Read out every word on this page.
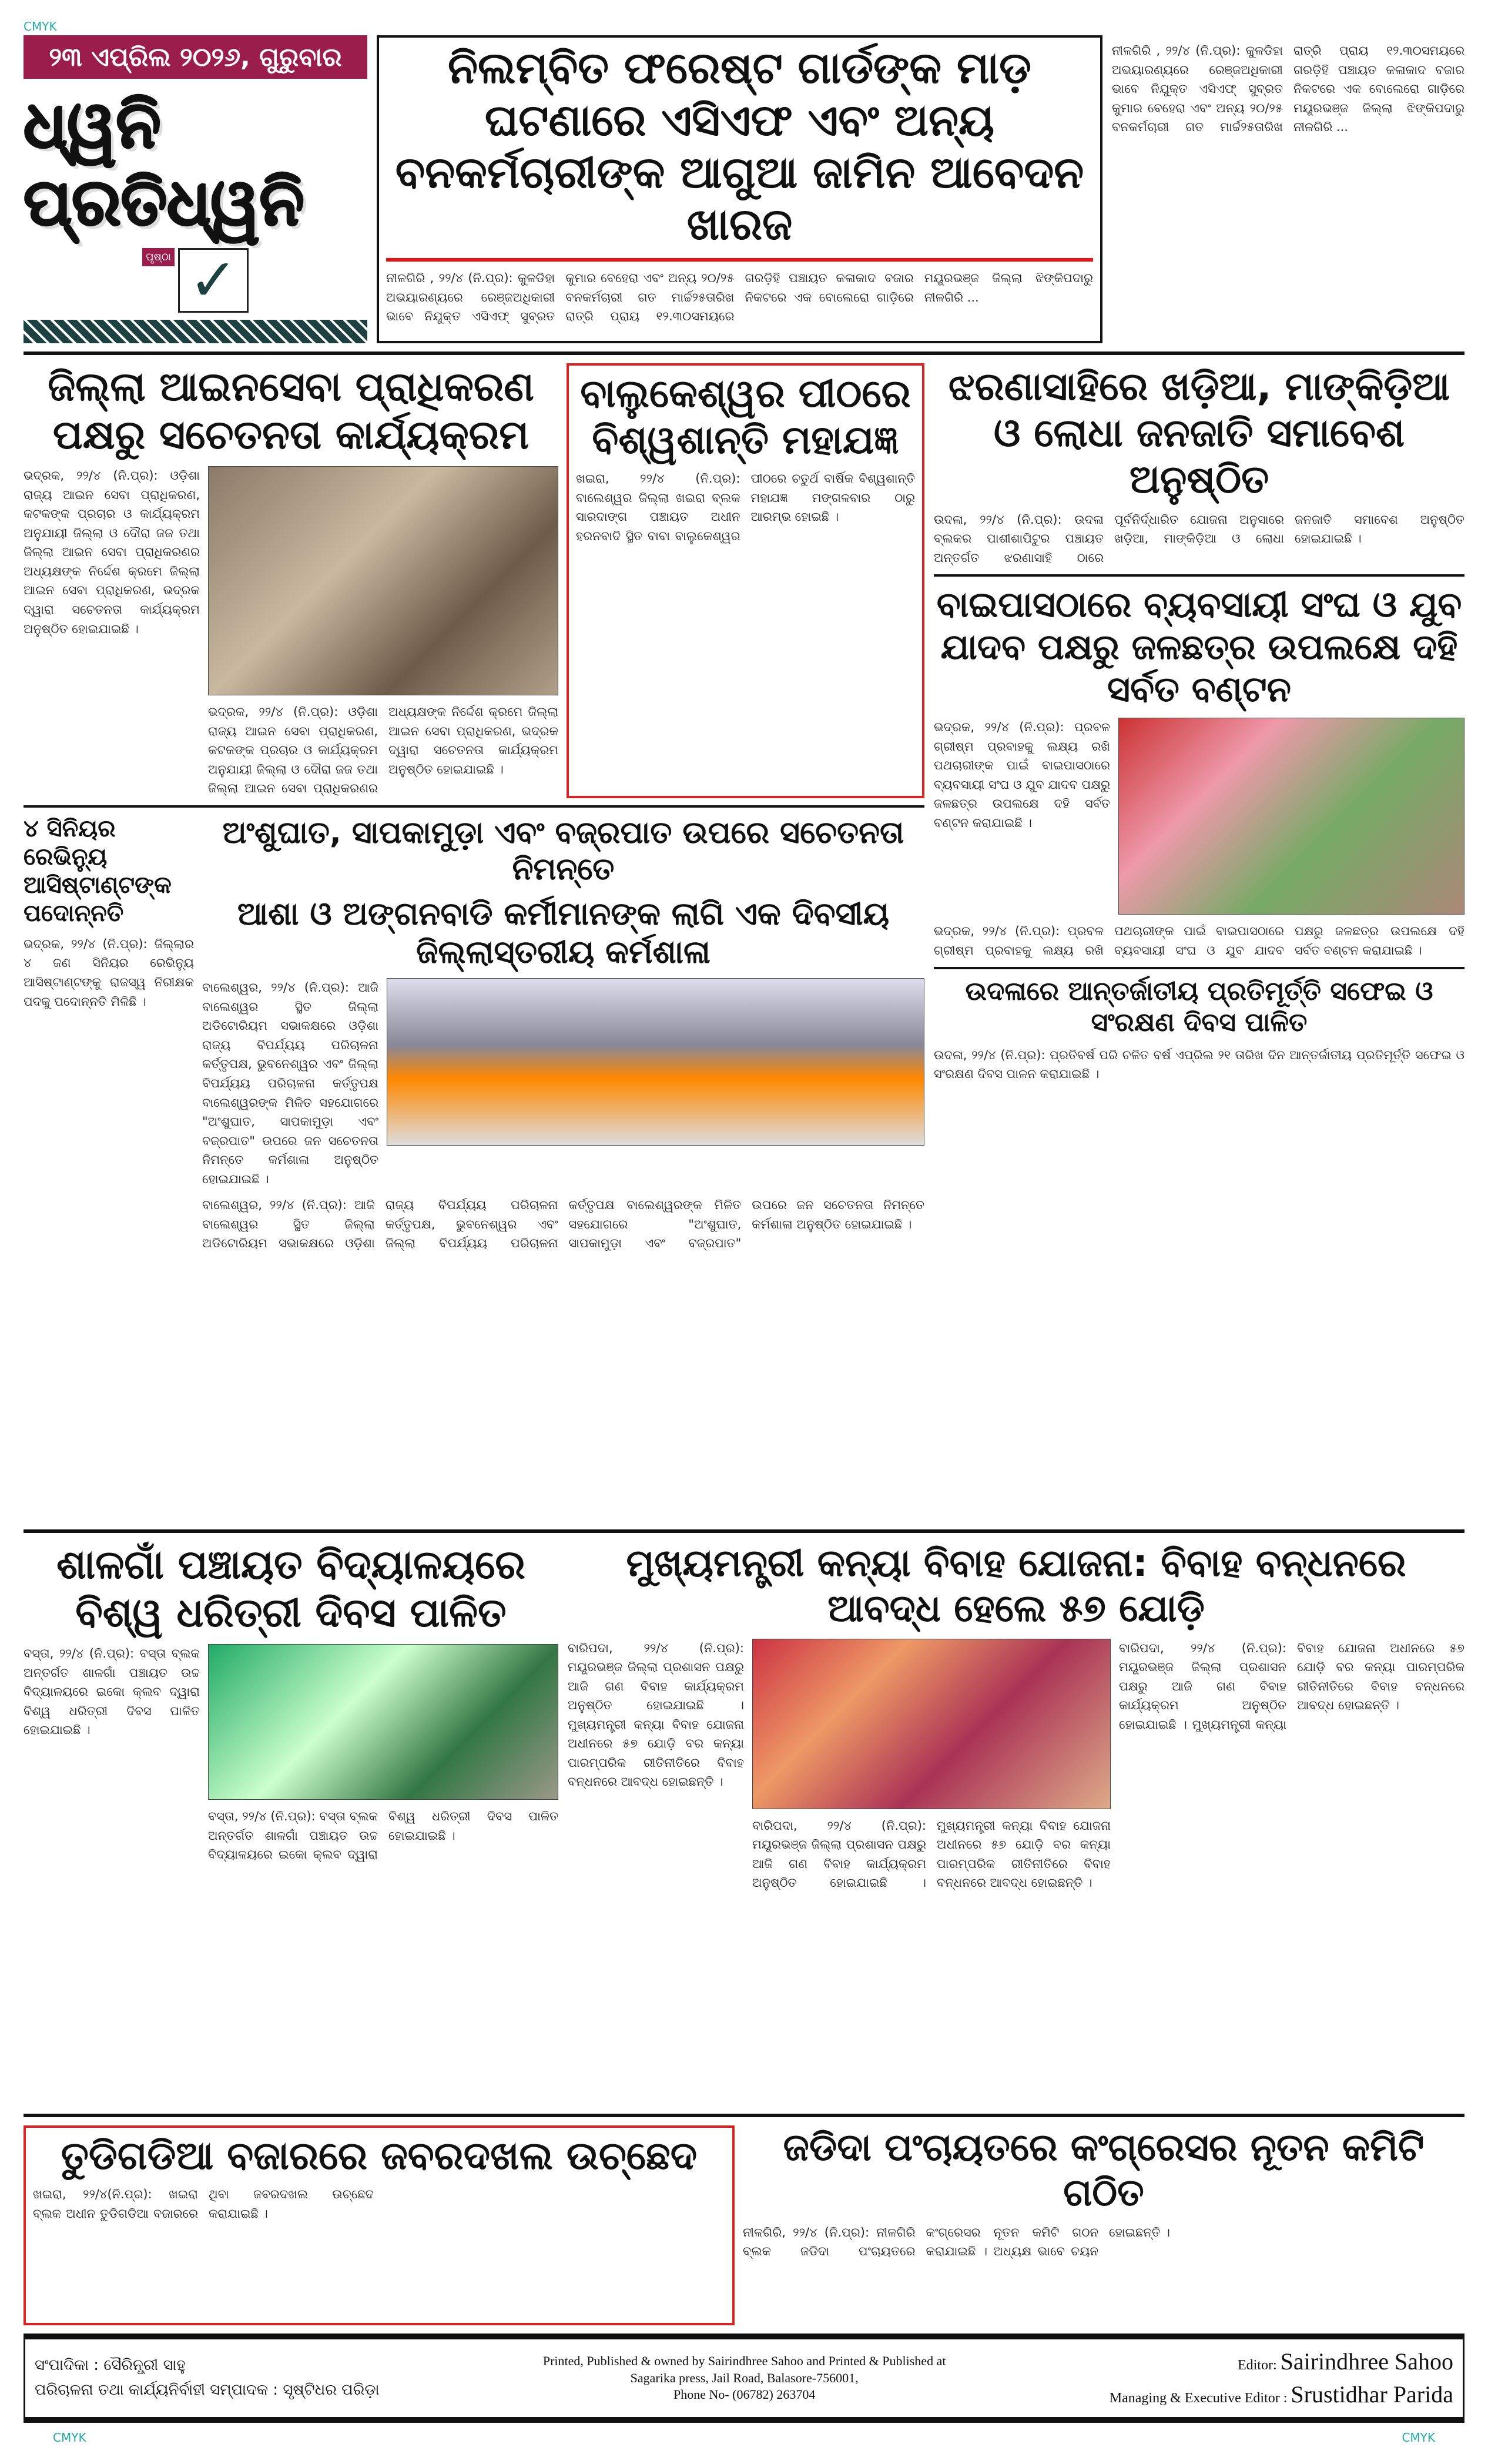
CMYK
୨୩ ଏପ୍ରିଲ ୨୦୨୬, ଗୁରୁବାର
ଧ୍ୱନି ପ୍ରତିଧ୍ୱନି
ପୃଷ୍ଠା ✓
ନିଲମ୍ବିତ ଫରେଷ୍ଟ ଗାର୍ଡଙ୍କ ମାଡ଼ ଘଟଣାରେ ଏସିଏଫ ଏବଂ ଅନ୍ୟ ବନକର୍ମଚାରୀଙ୍କ ଆଗୁଆ ଜାମିନ ଆବେଦନ ଖାରଜ
ନୀଳଗିରି , ୨୨/୪ (ନି.ପ୍ର): କୁଳଡିହା ଅଭୟାରଣ୍ୟରେ ରେଞ୍ଜଅଧିକାରୀ ଭାବେ ନିଯୁକ୍ତ ଏସିଏଫ୍ ସୁବ୍ରତ କୁମାର ବେହେରା ଏବଂ ଅନ୍ୟ ୨୦/୨୫ ବନକର୍ମଚାରୀ ଗତ ମାର୍ଚ୍ଚ୨୫ତାରିଖ ରାତ୍ରି ପ୍ରାୟ ୧୨.୩୦ସମୟରେ ଗରଡ଼ିହି ପଞ୍ଚାୟତ କଳାକାଦ ବଜାର ନିକଟରେ ଏକ ବୋଲେରୋ ଗାଡ଼ିରେ ମୟୂରଭଞ୍ଜ ଜିଲ୍ଲା ଝିଙ୍କିପଦାରୁ ନୀଳଗିରି ...
ନୀଳଗିରି , ୨୨/୪ (ନି.ପ୍ର): କୁଳଡିହା ଅଭୟାରଣ୍ୟରେ ରେଞ୍ଜଅଧିକାରୀ ଭାବେ ନିଯୁକ୍ତ ଏସିଏଫ୍ ସୁବ୍ରତ କୁମାର ବେହେରା ଏବଂ ଅନ୍ୟ ୨୦/୨୫ ବନକର୍ମଚାରୀ ଗତ ମାର୍ଚ୍ଚ୨୫ତାରିଖ ରାତ୍ରି ପ୍ରାୟ ୧୨.୩୦ସମୟରେ ଗରଡ଼ିହି ପଞ୍ଚାୟତ କଳାକାଦ ବଜାର ନିକଟରେ ଏକ ବୋଲେରୋ ଗାଡ଼ିରେ ମୟୂରଭଞ୍ଜ ଜିଲ୍ଲା ଝିଙ୍କିପଦାରୁ ନୀଳଗିରି ...
ଜିଲ୍ଲା ଆଇନସେବା ପ୍ରାଧିକରଣ ପକ୍ଷରୁ ସଚେତନତା କାର୍ଯ୍ୟକ୍ରମ
ଭଦ୍ରକ, ୨୨/୪ (ନି.ପ୍ର): ଓଡ଼ିଶା ରାଜ୍ୟ ଆଇନ ସେବା ପ୍ରାଧିକରଣ, କଟକଙ୍କ ପ୍ରଚାର ଓ କାର୍ଯ୍ୟକ୍ରମ ଅନୁଯାୟୀ ଜିଲ୍ଲା ଓ ଦୌରା ଜଜ ତଥା ଜିଲ୍ଲା ଆଇନ ସେବା ପ୍ରାଧିକରଣର ଅଧ୍ୟକ୍ଷଙ୍କ ନିର୍ଦ୍ଦେଶ କ୍ରମେ ଜିଲ୍ଲା ଆଇନ ସେବା ପ୍ରାଧିକରଣ, ଭଦ୍ରକ ଦ୍ୱାରା ସଚେତନତା କାର୍ଯ୍ୟକ୍ରମ ଅନୁଷ୍ଠିତ ହୋଇଯାଇଛି ।
ଭଦ୍ରକ, ୨୨/୪ (ନି.ପ୍ର): ଓଡ଼ିଶା ରାଜ୍ୟ ଆଇନ ସେବା ପ୍ରାଧିକରଣ, କଟକଙ୍କ ପ୍ରଚାର ଓ କାର୍ଯ୍ୟକ୍ରମ ଅନୁଯାୟୀ ଜିଲ୍ଲା ଓ ଦୌରା ଜଜ ତଥା ଜିଲ୍ଲା ଆଇନ ସେବା ପ୍ରାଧିକରଣର ଅଧ୍ୟକ୍ଷଙ୍କ ନିର୍ଦ୍ଦେଶ କ୍ରମେ ଜିଲ୍ଲା ଆଇନ ସେବା ପ୍ରାଧିକରଣ, ଭଦ୍ରକ ଦ୍ୱାରା ସଚେତନତା କାର୍ଯ୍ୟକ୍ରମ ଅନୁଷ୍ଠିତ ହୋଇଯାଇଛି ।
ବାଲୁକେଶ୍ୱର ପୀଠରେ ବିଶ୍ୱଶାନ୍ତି ମହାଯଜ୍ଞ
ଖଇରା, ୨୨/୪ (ନି.ପ୍ର): ବାଲେଶ୍ୱର ଜିଲ୍ଲା ଖଇରା ବ୍ଲକ ସାରଦାଙ୍ଗ ପଞ୍ଚାୟତ ଅଧୀନ ହରନବାଦି ସ୍ଥିତ ବାବା ବାଲୁକେଶ୍ୱର ପୀଠରେ ଚତୁର୍ଥ ବାର୍ଷିକ ବିଶ୍ୱଶାନ୍ତି ମହାଯଜ୍ଞ ମଙ୍ଗଳବାର ଠାରୁ ଆରମ୍ଭ ହୋଇଛି ।
୪ ସିନିୟର ରେଭିନ୍ୟୁ ଆସିଷ୍ଟାଣ୍ଟଙ୍କ ପଦୋନ୍ନତି
ଭଦ୍ରକ, ୨୨/୪ (ନି.ପ୍ର): ଜିଲ୍ଲାର ୪ ଜଣ ସିନିୟର ରେଭିନ୍ୟୁ ଆସିଷ୍ଟାଣ୍ଟଙ୍କୁ ରାଜସ୍ୱ ନିରୀକ୍ଷକ ପଦକୁ ପଦୋନ୍ନତି ମିଳିଛି ।
ଅଂଶୁଘାତ, ସାପକାମୁଡ଼ା ଏବଂ ବଜ୍ରପାତ ଉପରେ ସଚେତନତା ନିମନ୍ତେ
ଆଶା ଓ ଅଙ୍ଗନବାଡି କର୍ମୀମାନଙ୍କ ଲାଗି ଏକ ଦିବସୀୟ ଜିଲ୍ଲାସ୍ତରୀୟ କର୍ମଶାଳା
ବାଲେଶ୍ୱର, ୨୨/୪ (ନି.ପ୍ର): ଆଜି ବାଲେଶ୍ୱର ସ୍ଥିତ ଜିଲ୍ଲା ଅଡିଟୋରିୟମ ସଭାକକ୍ଷରେ ଓଡ଼ିଶା ରାଜ୍ୟ ବିପର୍ଯ୍ୟୟ ପରିଚାଳନା କର୍ତ୍ତୃପକ୍ଷ, ଭୁବନେଶ୍ୱର ଏବଂ ଜିଲ୍ଲା ବିପର୍ଯ୍ୟୟ ପରିଚାଳନା କର୍ତ୍ତୃପକ୍ଷ ବାଲେଶ୍ୱରଙ୍କ ମିଳିତ ସହଯୋଗରେ "ଅଂଶୁଘାତ, ସାପକାମୁଡ଼ା ଏବଂ ବଜ୍ରପାତ" ଉପରେ ଜନ ସଚେତନତା ନିମନ୍ତେ କର୍ମଶାଳା ଅନୁଷ୍ଠିତ ହୋଇଯାଇଛି ।
ବାଲେଶ୍ୱର, ୨୨/୪ (ନି.ପ୍ର): ଆଜି ବାଲେଶ୍ୱର ସ୍ଥିତ ଜିଲ୍ଲା ଅଡିଟୋରିୟମ ସଭାକକ୍ଷରେ ଓଡ଼ିଶା ରାଜ୍ୟ ବିପର୍ଯ୍ୟୟ ପରିଚାଳନା କର୍ତ୍ତୃପକ୍ଷ, ଭୁବନେଶ୍ୱର ଏବଂ ଜିଲ୍ଲା ବିପର୍ଯ୍ୟୟ ପରିଚାଳନା କର୍ତ୍ତୃପକ୍ଷ ବାଲେଶ୍ୱରଙ୍କ ମିଳିତ ସହଯୋଗରେ "ଅଂଶୁଘାତ, ସାପକାମୁଡ଼ା ଏବଂ ବଜ୍ରପାତ" ଉପରେ ଜନ ସଚେତନତା ନିମନ୍ତେ କର୍ମଶାଳା ଅନୁଷ୍ଠିତ ହୋଇଯାଇଛି ।
ଝରଣାସାହିରେ ଖଡ଼ିଆ, ମାଙ୍କିଡ଼ିଆ ଓ ଲୋଧା ଜନଜାତି ସମାବେଶ ଅନୁଷ୍ଠିତ
ଉଦଳା, ୨୨/୪ (ନି.ପ୍ର): ଉଦଳା ବ୍ଲକର ପାଶୀଶାପିଟୁର ପଞ୍ଚାୟତ ଅନ୍ତର୍ଗତ ଝରଣାସାହି ଠାରେ ପୂର୍ବନିର୍ଦ୍ଧାରିତ ଯୋଜନା ଅନୁସାରେ ଖଡ଼ିଆ, ମାଙ୍କିଡ଼ିଆ ଓ ଲୋଧା ଜନଜାତି ସମାବେଶ ଅନୁଷ୍ଠିତ ହୋଇଯାଇଛି ।
ବାଇପାସଠାରେ ବ୍ୟବସାୟୀ ସଂଘ ଓ ଯୁବ ଯାଦବ ପକ୍ଷରୁ ଜଳଛତ୍ର ଉପଲକ୍ଷେ ଦହି ସର୍ବତ ବଣ୍ଟନ
ଭଦ୍ରକ, ୨୨/୪ (ନି.ପ୍ର): ପ୍ରବଳ ଗ୍ରୀଷ୍ମ ପ୍ରବାହକୁ ଲକ୍ଷ୍ୟ ରଖି ପଥଚାରୀଙ୍କ ପାଇଁ ବାଇପାସଠାରେ ବ୍ୟବସାୟୀ ସଂଘ ଓ ଯୁବ ଯାଦବ ପକ୍ଷରୁ ଜଳଛତ୍ର ଉପଲକ୍ଷେ ଦହି ସର୍ବତ ବଣ୍ଟନ କରାଯାଇଛି ।
ଭଦ୍ରକ, ୨୨/୪ (ନି.ପ୍ର): ପ୍ରବଳ ଗ୍ରୀଷ୍ମ ପ୍ରବାହକୁ ଲକ୍ଷ୍ୟ ରଖି ପଥଚାରୀଙ୍କ ପାଇଁ ବାଇପାସଠାରେ ବ୍ୟବସାୟୀ ସଂଘ ଓ ଯୁବ ଯାଦବ ପକ୍ଷରୁ ଜଳଛତ୍ର ଉପଲକ୍ଷେ ଦହି ସର୍ବତ ବଣ୍ଟନ କରାଯାଇଛି ।
ଉଦଳାରେ ଆନ୍ତର୍ଜାତୀୟ ପ୍ରତିମୂର୍ତ୍ତି ସଫେଇ ଓ ସଂରକ୍ଷଣ ଦିବସ ପାଳିତ
ଉଦଳା, ୨୨/୪ (ନି.ପ୍ର): ପ୍ରତିବର୍ଷ ପରି ଚଳିତ ବର୍ଷ ଏପ୍ରିଲ ୨୧ ତାରିଖ ଦିନ ଆନ୍ତର୍ଜାତୀୟ ପ୍ରତିମୂର୍ତ୍ତି ସଫେଇ ଓ ସଂରକ୍ଷଣ ଦିବସ ପାଳନ କରାଯାଇଛି ।
ଶାଳଗାଁ ପଞ୍ଚାୟତ ବିଦ୍ୟାଳୟରେ ବିଶ୍ୱ ଧରିତ୍ରୀ ଦିବସ ପାଳିତ
ବସ୍ତା, ୨୨/୪ (ନି.ପ୍ର): ବସ୍ତା ବ୍ଲକ ଅନ୍ତର୍ଗତ ଶାଳଗାଁ ପଞ୍ଚାୟତ ଉଚ୍ଚ ବିଦ୍ୟାଳୟରେ ଇକୋ କ୍ଲବ ଦ୍ୱାରା ବିଶ୍ୱ ଧରିତ୍ରୀ ଦିବସ ପାଳିତ ହୋଇଯାଇଛି ।
ବସ୍ତା, ୨୨/୪ (ନି.ପ୍ର): ବସ୍ତା ବ୍ଲକ ଅନ୍ତର୍ଗତ ଶାଳଗାଁ ପଞ୍ଚାୟତ ଉଚ୍ଚ ବିଦ୍ୟାଳୟରେ ଇକୋ କ୍ଲବ ଦ୍ୱାରା ବିଶ୍ୱ ଧରିତ୍ରୀ ଦିବସ ପାଳିତ ହୋଇଯାଇଛି ।
ମୁଖ୍ୟମନ୍ତ୍ରୀ କନ୍ୟା ବିବାହ ଯୋଜନା: ବିବାହ ବନ୍ଧନରେ ଆବଦ୍ଧ ହେଲେ ୫୭ ଯୋଡ଼ି
ବାରିପଦା, ୨୨/୪ (ନି.ପ୍ର): ମୟୂରଭଞ୍ଜ ଜିଲ୍ଲା ପ୍ରଶାସନ ପକ୍ଷରୁ ଆଜି ଗଣ ବିବାହ କାର୍ଯ୍ୟକ୍ରମ ଅନୁଷ୍ଠିତ ହୋଇଯାଇଛି । ମୁଖ୍ୟମନ୍ତ୍ରୀ କନ୍ୟା ବିବାହ ଯୋଜନା ଅଧୀନରେ ୫୭ ଯୋଡ଼ି ବର କନ୍ୟା ପାରମ୍ପରିକ ରୀତିନୀତିରେ ବିବାହ ବନ୍ଧନରେ ଆବଦ୍ଧ ହୋଇଛନ୍ତି ।
ବାରିପଦା, ୨୨/୪ (ନି.ପ୍ର): ମୟୂରଭଞ୍ଜ ଜିଲ୍ଲା ପ୍ରଶାସନ ପକ୍ଷରୁ ଆଜି ଗଣ ବିବାହ କାର୍ଯ୍ୟକ୍ରମ ଅନୁଷ୍ଠିତ ହୋଇଯାଇଛି । ମୁଖ୍ୟମନ୍ତ୍ରୀ କନ୍ୟା ବିବାହ ଯୋଜନା ଅଧୀନରେ ୫୭ ଯୋଡ଼ି ବର କନ୍ୟା ପାରମ୍ପରିକ ରୀତିନୀତିରେ ବିବାହ ବନ୍ଧନରେ ଆବଦ୍ଧ ହୋଇଛନ୍ତି ।
ବାରିପଦା, ୨୨/୪ (ନି.ପ୍ର): ମୟୂରଭଞ୍ଜ ଜିଲ୍ଲା ପ୍ରଶାସନ ପକ୍ଷରୁ ଆଜି ଗଣ ବିବାହ କାର୍ଯ୍ୟକ୍ରମ ଅନୁଷ୍ଠିତ ହୋଇଯାଇଛି । ମୁଖ୍ୟମନ୍ତ୍ରୀ କନ୍ୟା ବିବାହ ଯୋଜନା ଅଧୀନରେ ୫୭ ଯୋଡ଼ି ବର କନ୍ୟା ପାରମ୍ପରିକ ରୀତିନୀତିରେ ବିବାହ ବନ୍ଧନରେ ଆବଦ୍ଧ ହୋଇଛନ୍ତି ।
ତୁଡିଗଡିଆ ବଜାରରେ ଜବରଦଖଲ ଉଚ୍ଛେଦ
ଖଇରା, ୨୨/୪(ନି.ପ୍ର): ଖଇରା ବ୍ଲକ ଅଧୀନ ତୁଡିଗଡିଆ ବଜାରରେ ଥିବା ଜବରଦଖଲ ଉଚ୍ଛେଦ କରାଯାଇଛି ।
ଜଡିଦା ପଂଚାୟତରେ କଂଗ୍ରେସର ନୂତନ କମିଟି ଗଠିତ
ନୀଳଗିରି, ୨୨/୪ (ନି.ପ୍ର): ନୀଳଗିରି ବ୍ଲକ ଜଡିଦା ପଂଚାୟତରେ କଂଗ୍ରେସର ନୂତନ କମିଟି ଗଠନ କରାଯାଇଛି । ଅଧ୍ୟକ୍ଷ ଭାବେ ଚୟନ ହୋଇଛନ୍ତି ।
ସଂପାଦିକା : ସୈରିନ୍ଧ୍ରୀ ସାହୁ
ପରିଚାଳନା ତଥା କାର୍ଯ୍ୟନିର୍ବାହୀ ସମ୍ପାଦକ : ସୃଷ୍ଟିଧର ପରିଡ଼ା
Printed, Published & owned by Sairindhree Sahoo and Printed & Published at
Sagarika press, Jail Road, Balasore-756001,
Phone No- (06782) 263704
Editor: Sairindhree Sahoo
Managing & Executive Editor : Srustidhar Parida
CMYK	CMYK
